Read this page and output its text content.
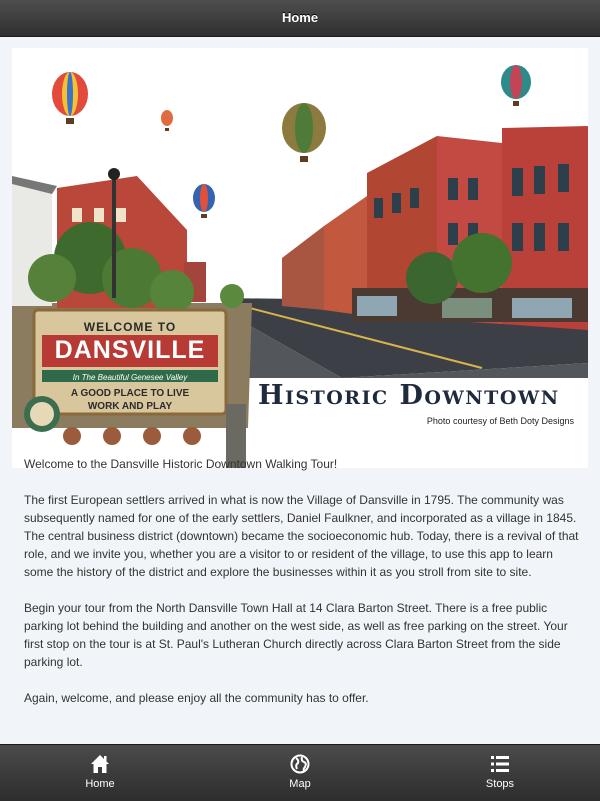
Home
WELCOME TO
DANSVILLE
In The Beautiful Genesee Valley
A GOOD PLACE TO LIVE
WORK AND PLAY	Historic Downtown
Photo courtesy of Beth Doty Designs

Welcome to the Dansville Historic Downtown Walking Tour!

The first European settlers arrived in what is now the Village of Dansville in 1795. The community was subsequently named for one of the early settlers, Daniel Faulkner, and incorporated as a village in 1845. The central business district (downtown) became the socioeconomic hub. Today, there is a revival of that role, and we invite you, whether you are a visitor to or resident of the village, to use this app to learn some the history of the district and explore the businesses within it as you stroll from site to site.

Begin your tour from the North Dansville Town Hall at 14 Clara Barton Street. There is a free public parking lot behind the building and another on the west side, as well as free parking on the street. Your first stop on the tour is at St. Paul's Lutheran Church directly across Clara Barton Street from the side parking lot.

Again, welcome, and please enjoy all the community has to offer.

Home	Map	Stops
